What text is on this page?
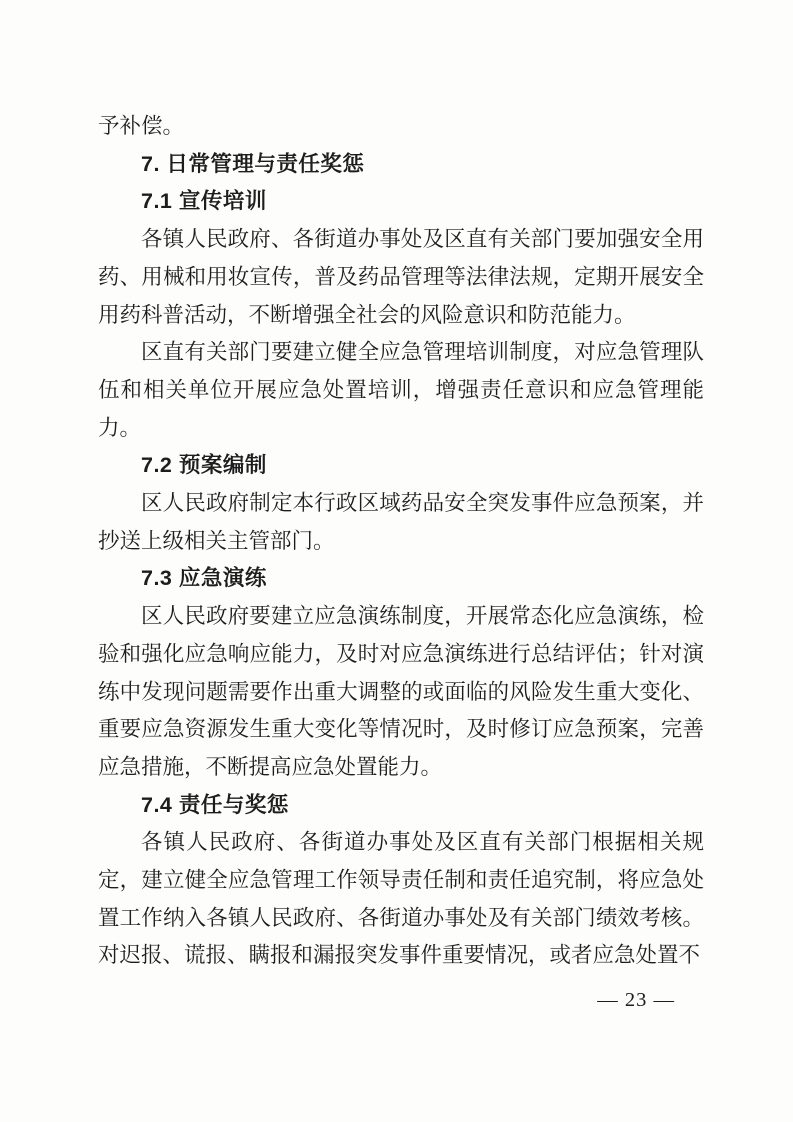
予补偿。

7. 日常管理与责任奖惩

7.1 宣传培训

各镇人民政府、各街道办事处及区直有关部门要加强安全用药、用械和用妆宣传，普及药品管理等法律法规，定期开展安全用药科普活动，不断增强全社会的风险意识和防范能力。

区直有关部门要建立健全应急管理培训制度，对应急管理队伍和相关单位开展应急处置培训，增强责任意识和应急管理能力。

7.2 预案编制

区人民政府制定本行政区域药品安全突发事件应急预案，并抄送上级相关主管部门。

7.3 应急演练

区人民政府要建立应急演练制度，开展常态化应急演练，检验和强化应急响应能力，及时对应急演练进行总结评估；针对演练中发现问题需要作出重大调整的或面临的风险发生重大变化、重要应急资源发生重大变化等情况时，及时修订应急预案，完善应急措施，不断提高应急处置能力。

7.4 责任与奖惩

各镇人民政府、各街道办事处及区直有关部门根据相关规定，建立健全应急管理工作领导责任制和责任追究制，将应急处置工作纳入各镇人民政府、各街道办事处及有关部门绩效考核。对迟报、谎报、瞒报和漏报突发事件重要情况，或者应急处置不

— 23 —
